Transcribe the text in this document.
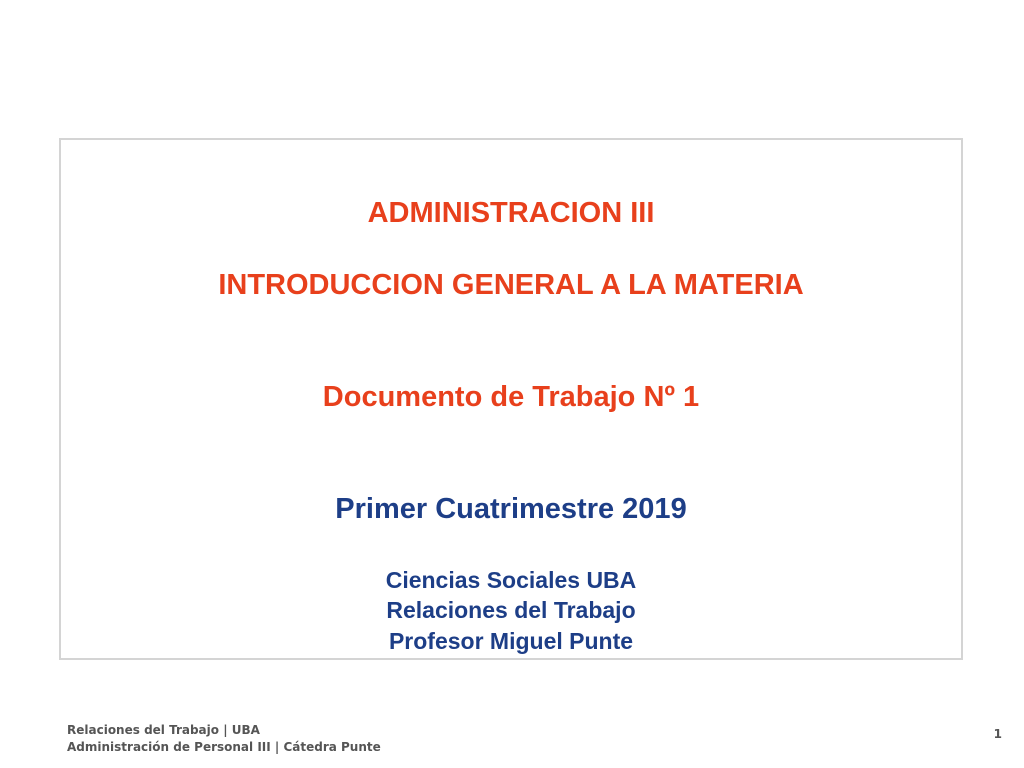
ADMINISTRACION III
INTRODUCCION GENERAL A LA MATERIA
Documento de Trabajo Nº 1
Primer Cuatrimestre 2019
Ciencias Sociales UBA
Relaciones del Trabajo
Profesor Miguel Punte
Relaciones del Trabajo | UBA
Administración de Personal III | Cátedra Punte
1
